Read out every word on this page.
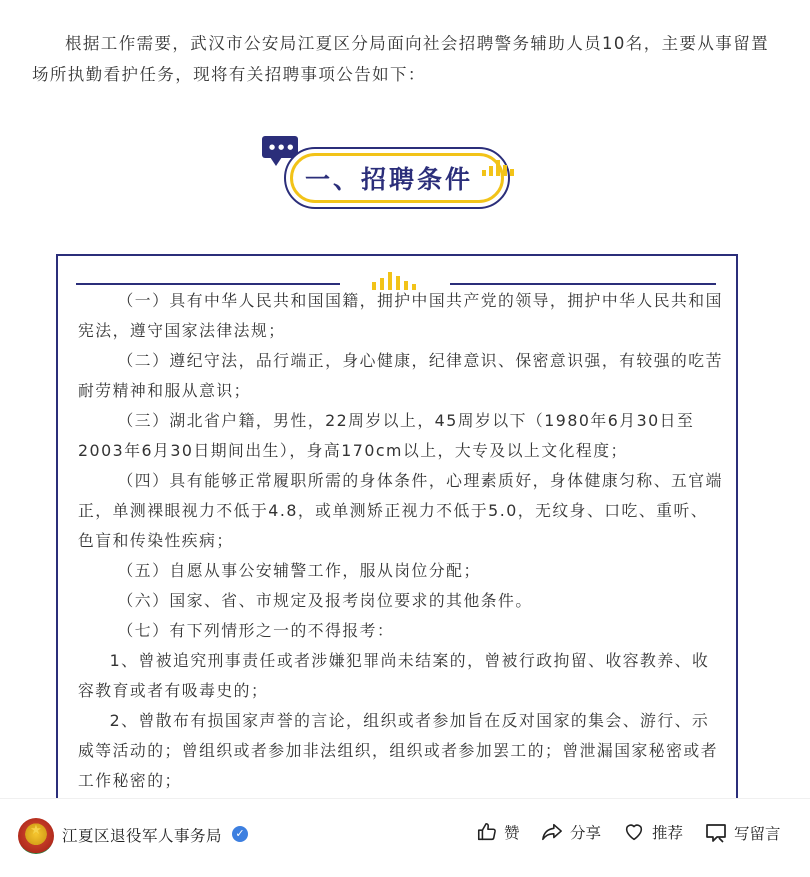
根据工作需要，武汉市公安局江夏区分局面向社会招聘警务辅助人员10名，主要从事留置场所执勤看护任务，现将有关招聘事项公告如下：

●●●
一、招聘条件

（一）具有中华人民共和国国籍，拥护中国共产党的领导，拥护中华人民共和国宪法，遵守国家法律法规；

（二）遵纪守法，品行端正，身心健康，纪律意识、保密意识强，有较强的吃苦耐劳精神和服从意识；

（三）湖北省户籍，男性，22周岁以上，45周岁以下（1980年6月30日至2003年6月30日期间出生），身高170cm以上，大专及以上文化程度；

（四）具有能够正常履职所需的身体条件，心理素质好，身体健康匀称、五官端正，单测裸眼视力不低于4.8，或单测矫正视力不低于5.0，无纹身、口吃、重听、色盲和传染性疾病；

（五）自愿从事公安辅警工作，服从岗位分配；

（六）国家、省、市规定及报考岗位要求的其他条件。

（七）有下列情形之一的不得报考：

1、曾被追究刑事责任或者涉嫌犯罪尚未结案的，曾被行政拘留、收容教养、收容教育或者有吸毒史的；

2、曾散布有损国家声誉的言论，组织或者参加旨在反对国家的集会、游行、示威等活动的；曾组织或者参加非法组织，组织或者参加罢工的；曾泄漏国家秘密或者工作秘密的；

★	江夏区退役军人事务局	✓	赞	分享	推荐	写留言
